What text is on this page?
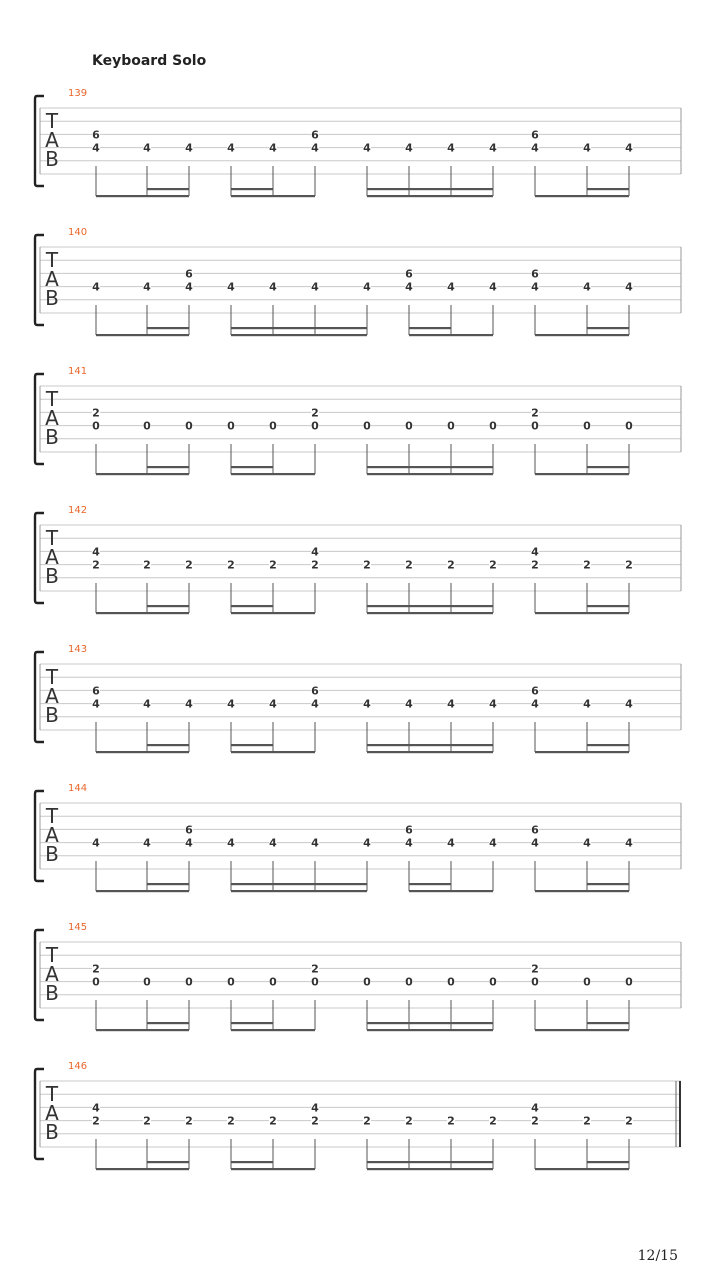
Keyboard Solo
139
T
A
B	4
6
4	4	4	4	4
6
4	4	4	4	4
6
4	4
140
T
A
B	4	4	4
6
4	4	4	4	4
6
4	4	4
6
4	4
141
T
A
B	0
2
0	0	0	0	0
2
0	0	0	0	0
2
0	0
142
T
A
B	2
4
2	2	2	2	2
4
2	2	2	2	2
4
2	2
143
T
A
B	4
6
4	4	4	4	4
6
4	4	4	4	4
6
4	4
144
T
A
B	4	4	4
6
4	4	4	4	4
6
4	4	4
6
4	4
145
T
A
B	0
2
0	0	0	0	0
2
0	0	0	0	0
2
0	0
146
T
A
B	2
4
2	2	2	2	2
4
2	2	2	2	2
4
2	2
12/15
